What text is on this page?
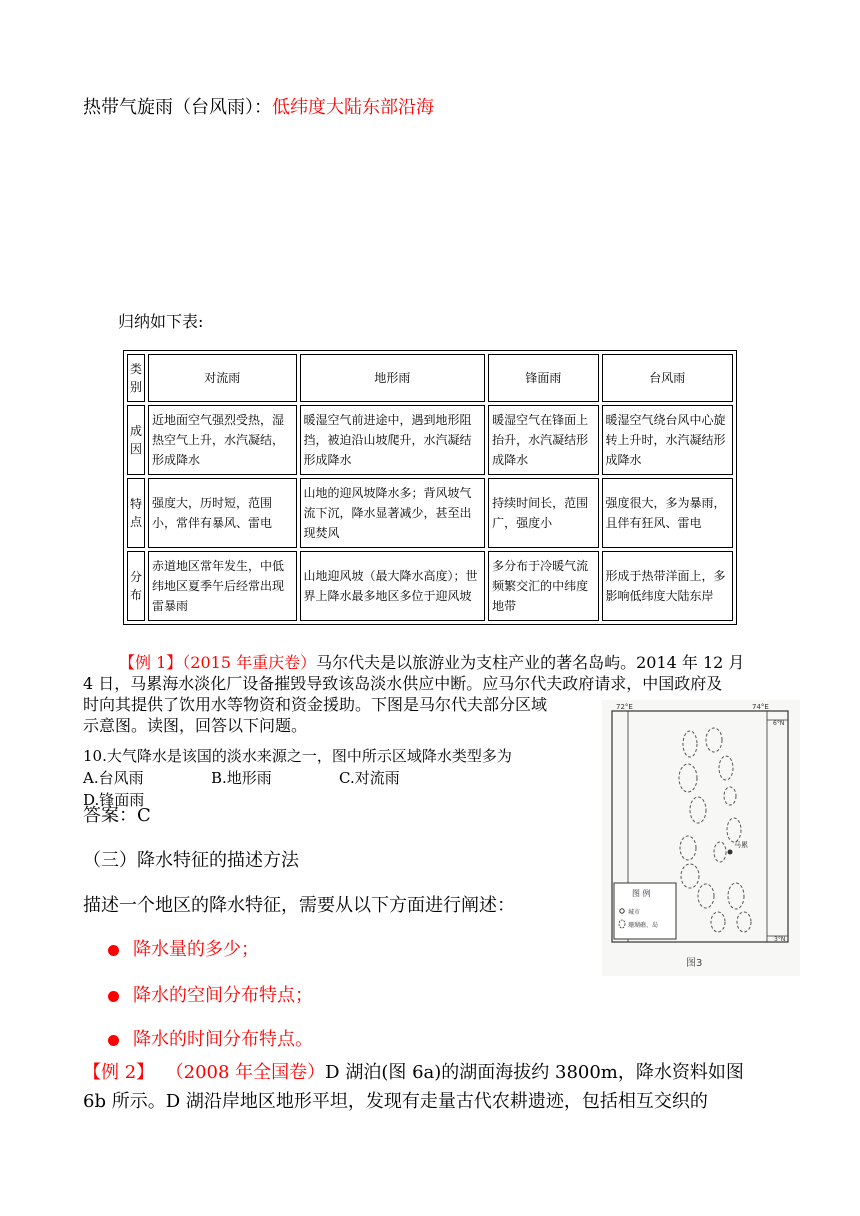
热带气旋雨（台风雨）：低纬度大陆东部沿海
归纳如下表:
类别	对流雨	地形雨	锋面雨	台风雨
成因	近地面空气强烈受热，湿热空气上升，水汽凝结，形成降水	暖湿空气前进途中，遇到地形阻挡，被迫沿山坡爬升，水汽凝结形成降水	暖湿空气在锋面上抬升，水汽凝结形成降水	暖湿空气绕台风中心旋转上升时，水汽凝结形成降水
特点	强度大，历时短，范围小，常伴有暴风、雷电	山地的迎风坡降水多；背风坡气流下沉，降水显著减少，甚至出现焚风	持续时间长，范围广，强度小	强度很大，多为暴雨，且伴有狂风、雷电
分布	赤道地区常年发生，中低纬地区夏季午后经常出现雷暴雨	山地迎风坡（最大降水高度）；世界上降水最多地区多位于迎风坡	多分布于冷暖气流频繁交汇的中纬度地带	形成于热带洋面上，多影响低纬度大陆东岸
【例 1】（2015 年重庆卷）马尔代夫是以旅游业为支柱产业的著名岛屿。2014 年 12 月
4 日，马累海水淡化厂设备摧毁导致该岛淡水供应中断。应马尔代夫政府请求，中国政府及
时向其提供了饮用水等物资和资金援助。下图是马尔代夫部分区域
示意图。读图，回答以下问题。
10.大气降水是该国的淡水来源之一，图中所示区域降水类型多为
A.台风雨	B.地形雨	C.对流雨D.锋面雨
答案：C
72°E	74°E
6°N
3°N
马累
图 例
城市
珊瑚礁、岛
图3
（三）降水特征的描述方法
描述一个地区的降水特征，需要从以下方面进行阐述：
降水量的多少；
降水的空间分布特点；
降水的时间分布特点。
【例 2】 （2008 年全国卷）D 湖泊(图 6a)的湖面海拔约 3800m，降水资料如图
6b 所示。D 湖沿岸地区地形平坦，发现有走量古代农耕遗迹，包括相互交织的
